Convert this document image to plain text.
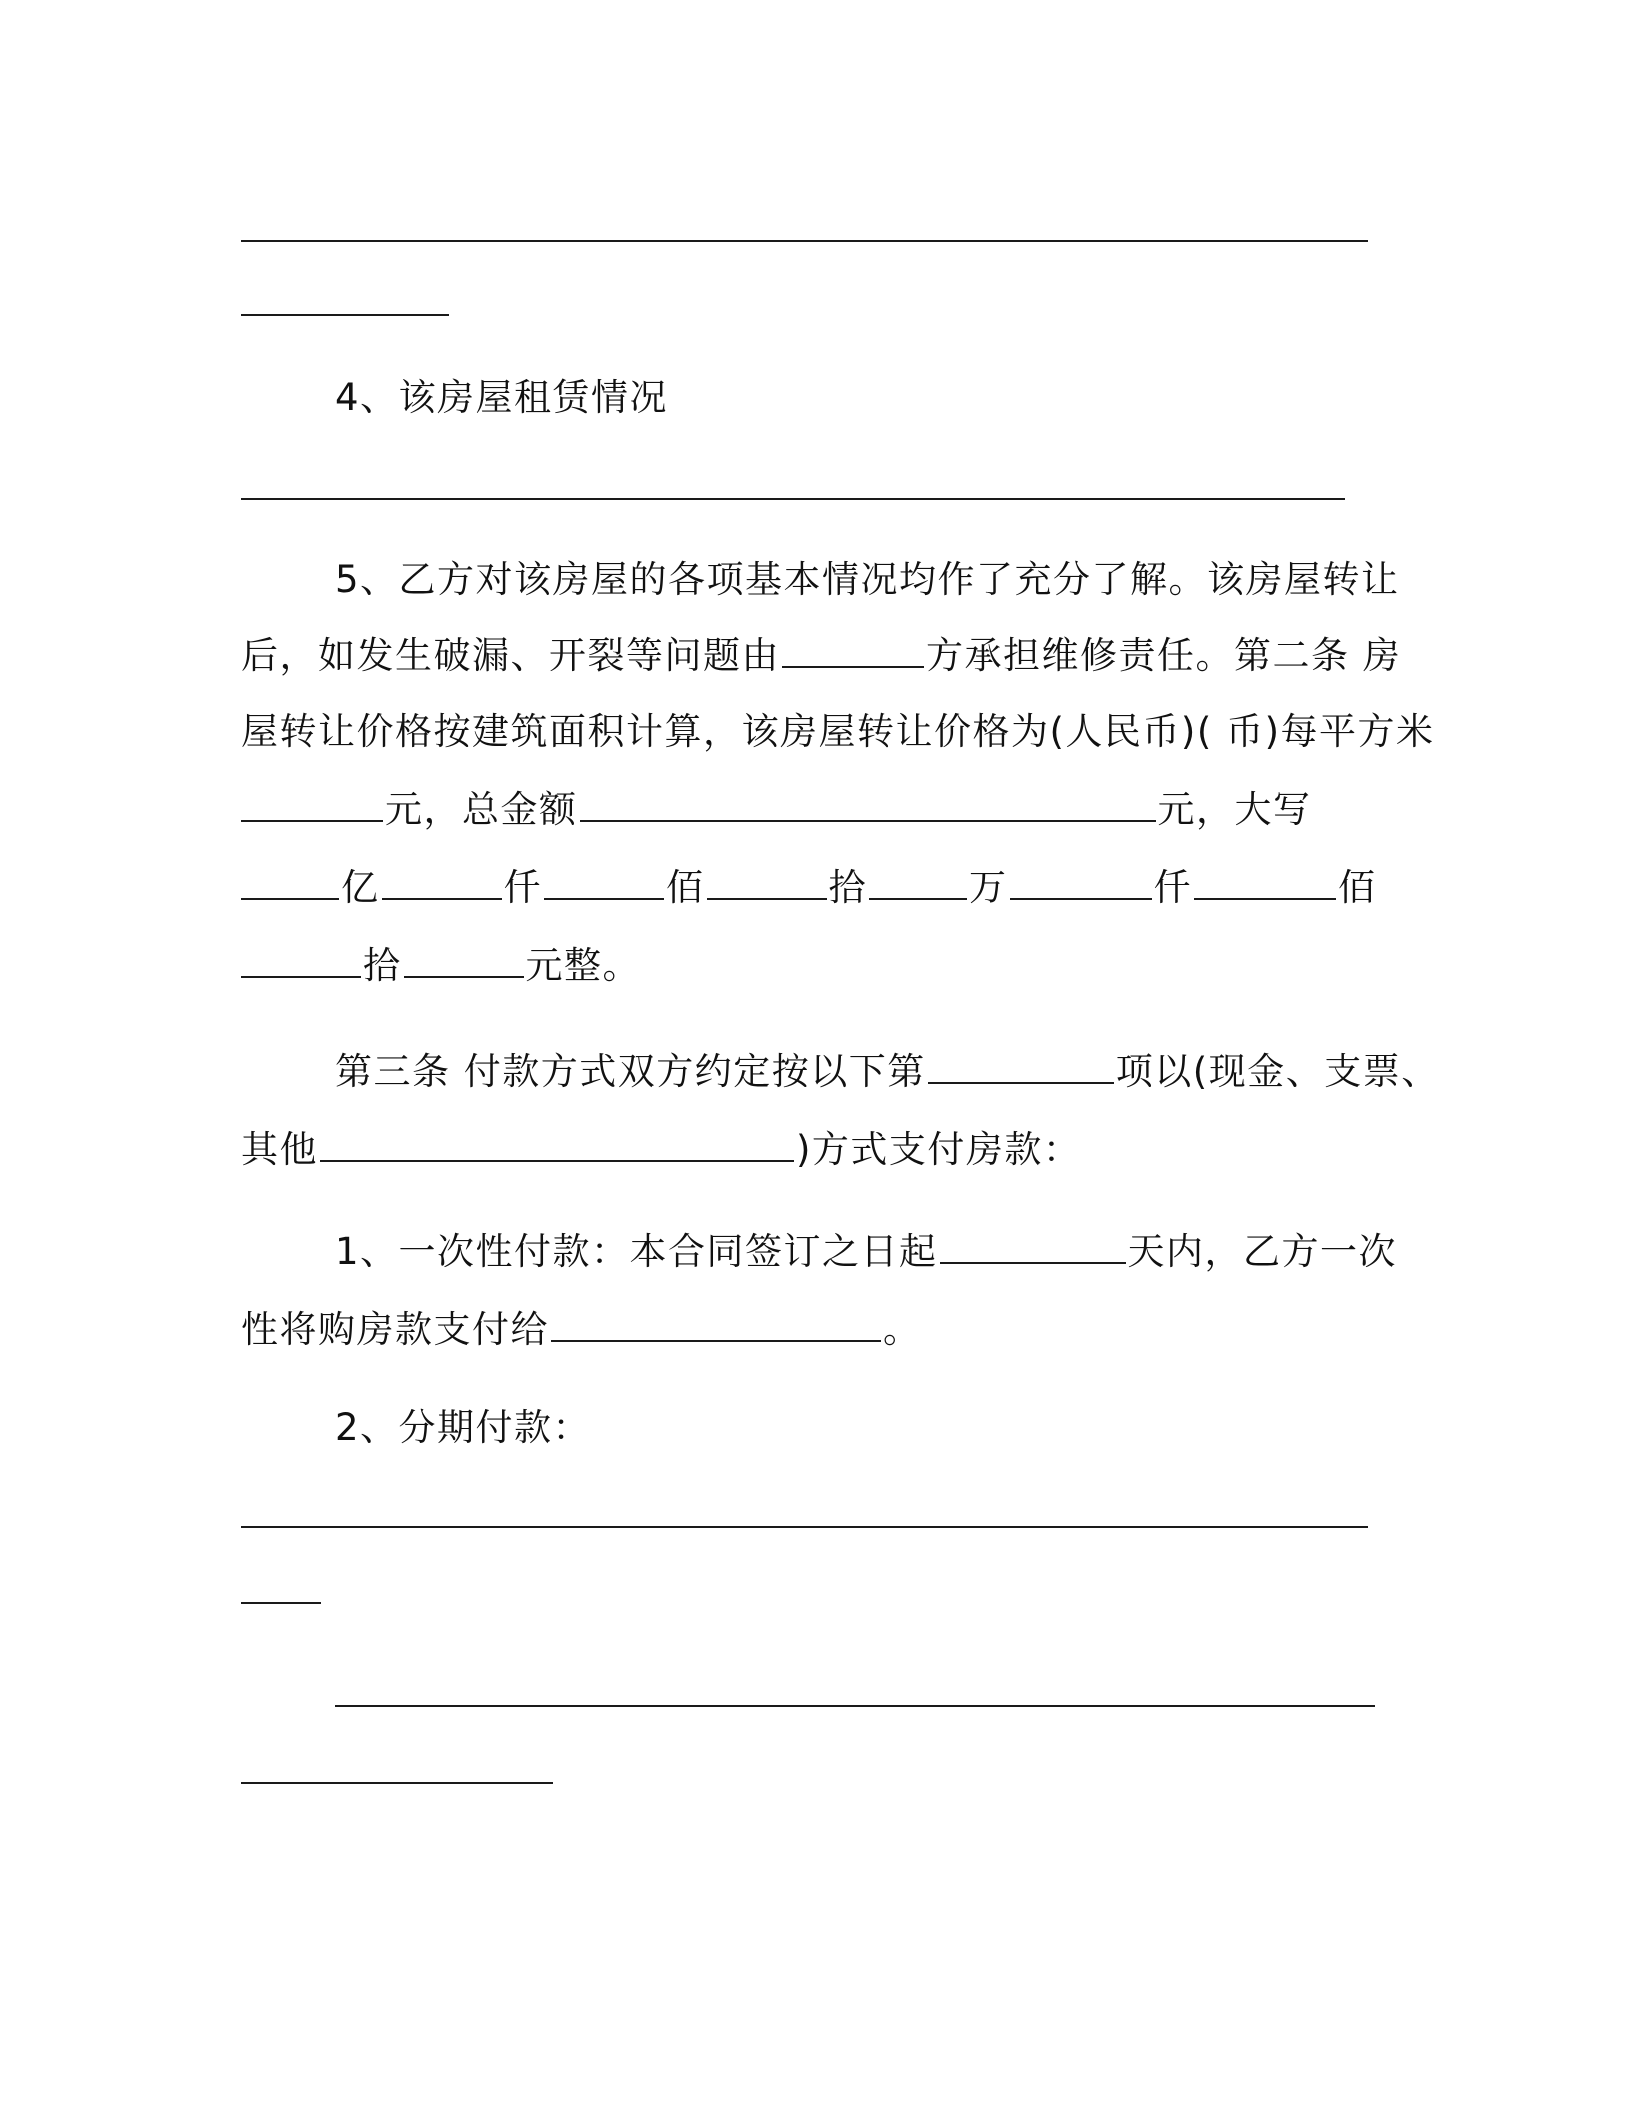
4、该房屋租赁情况
5、乙方对该房屋的各项基本情况均作了充分了解。该房屋转让
后，如发生破漏、开裂等问题由	方承担维修责任。第二条 房
屋转让价格按建筑面积计算，该房屋转让价格为(人民币)( 币)每平方米
元，总金额	元，大写
亿	仟	佰	拾	万	仟	佰
拾	元整。
第三条 付款方式双方约定按以下第	项以(现金、支票、
其他	)方式支付房款：
1、一次性付款：本合同签订之日起	天内，乙方一次
性将购房款支付给	。
2、分期付款：
